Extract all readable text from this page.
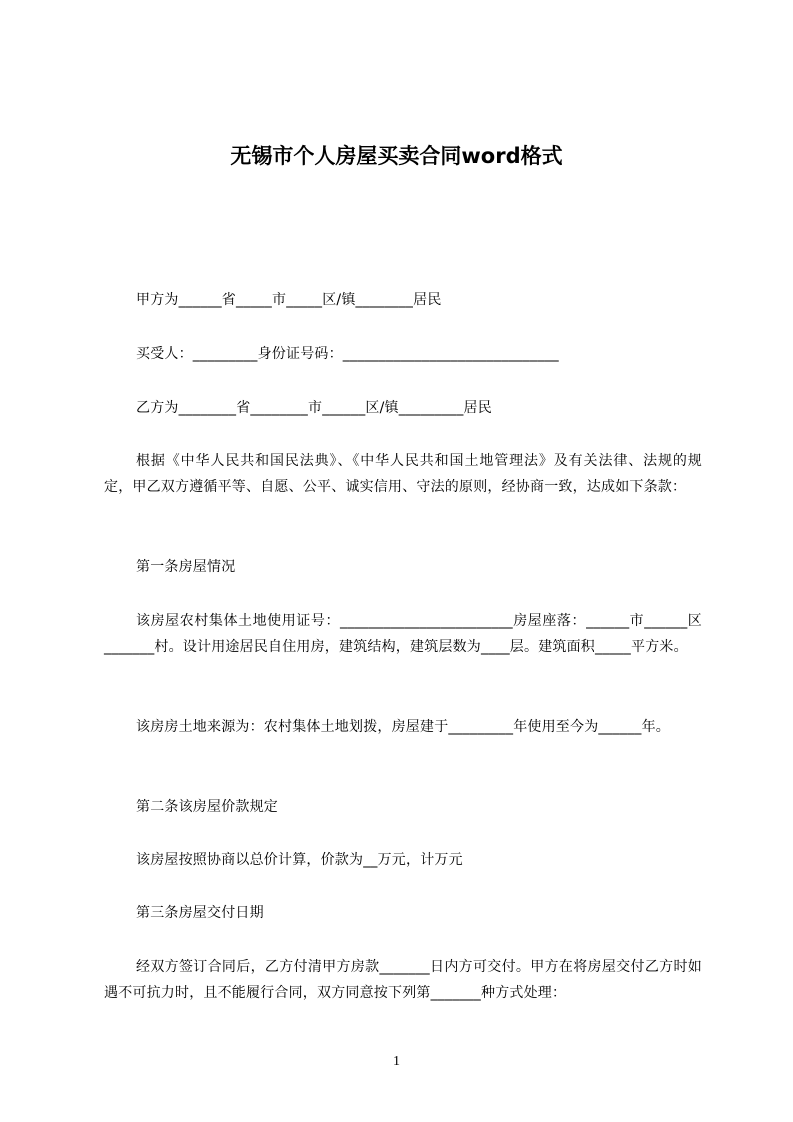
无锡市个人房屋买卖合同word格式

甲方为______省_____市_____区/镇________居民

买受人：_________身份证号码：______________________________

乙方为________省________市______区/镇_________居民

根据《中华人民共和国民法典》、《中华人民共和国土地管理法》及有关法律、法规的规定，甲乙双方遵循平等、自愿、公平、诚实信用、守法的原则，经协商一致，达成如下条款：

第一条房屋情况

该房屋农村集体土地使用证号：________________________房屋座落：______市______区_______村。设计用途居民自住用房，建筑结构，建筑层数为____层。建筑面积_____平方米。

该房房土地来源为：农村集体土地划拨，房屋建于_________年使用至今为______年。

第二条该房屋价款规定

该房屋按照协商以总价计算，价款为__万元，计万元

第三条房屋交付日期

经双方签订合同后，乙方付清甲方房款_______日内方可交付。甲方在将房屋交付乙方时如遇不可抗力时，且不能履行合同，双方同意按下列第_______种方式处理：

1
